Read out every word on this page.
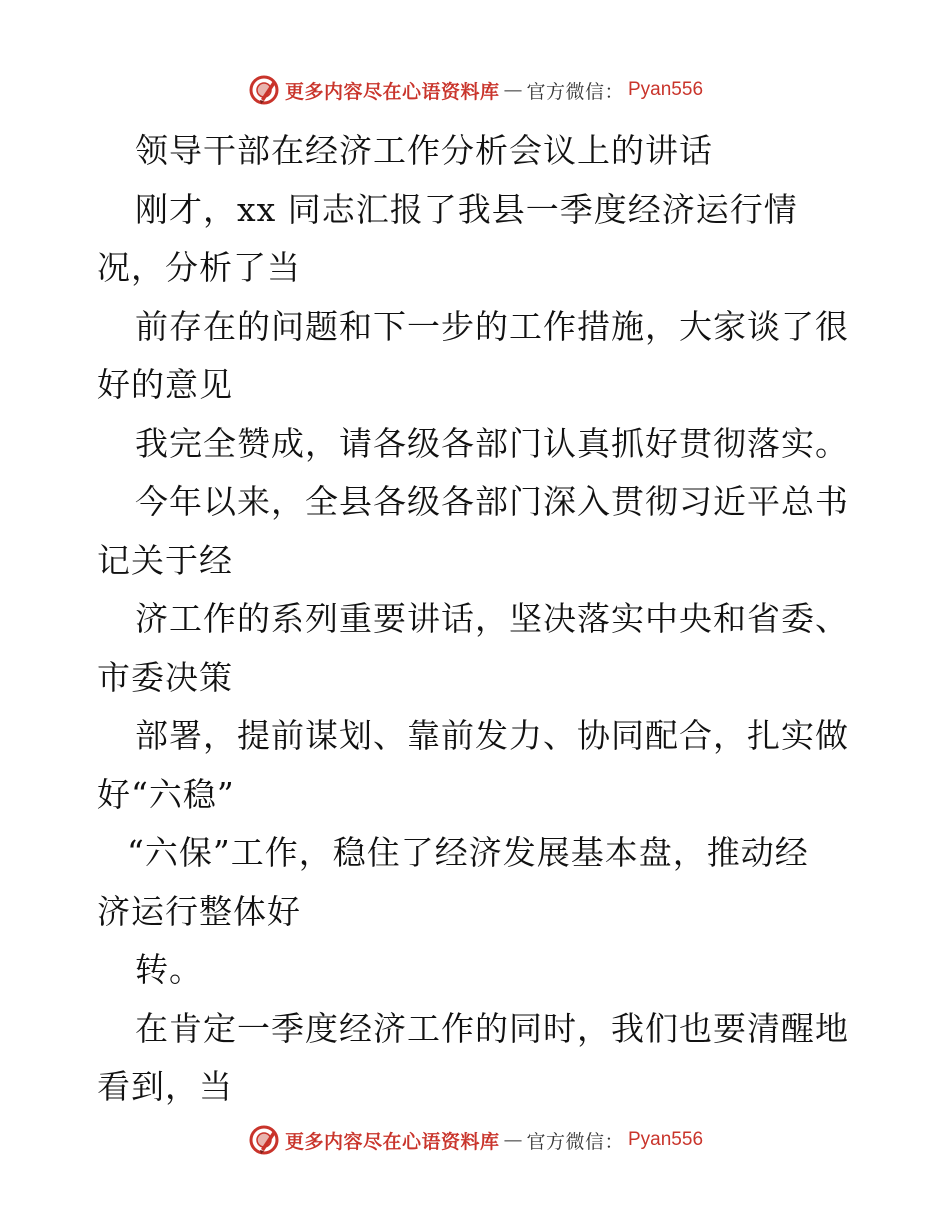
更多内容尽在心语资料库 — 官方微信： Pyan556
领导干部在经济工作分析会议上的讲话
刚才，xx 同志汇报了我县一季度经济运行情
况，分析了当
前存在的问题和下一步的工作措施，大家谈了很
好的意见
我完全赞成，请各级各部门认真抓好贯彻落实。
今年以来，全县各级各部门深入贯彻习近平总书
记关于经
济工作的系列重要讲话，坚决落实中央和省委、
市委决策
部署，提前谋划、靠前发力、协同配合，扎实做
好“六稳”
“六保”工作，稳住了经济发展基本盘，推动经
济运行整体好
转。
在肯定一季度经济工作的同时，我们也要清醒地
看到，当
更多内容尽在心语资料库 — 官方微信： Pyan556
